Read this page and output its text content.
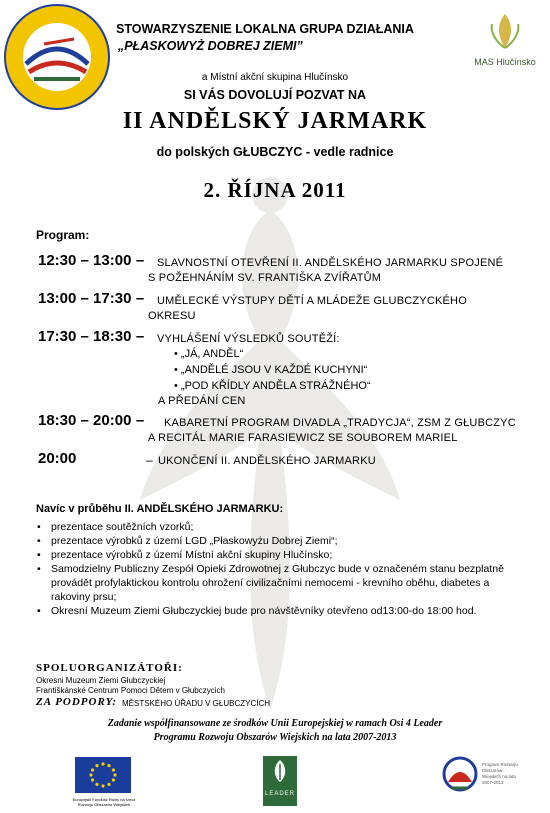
MAS Hlučínsko
STOWARZYSZENIE LOKALNA GRUPA DZIAŁANIA
„PŁASKOWYŻ DOBREJ ZIEMI”
a Místní akční skupina Hlučínsko
SI VÁS DOVOLUJÍ POZVAT NA
II ANDĚLSKÝ JARMARK
do polských GŁUBCZYC - vedle radnice
2. ŘÍJNA 2011
Program:
12:30 – 13:00 – SLAVNOSTNÍ OTEVŘENÍ II. ANDĚLSKÉHO JARMARKU SPOJENÉ
S POŽEHNÁNÍM SV. FRANTIŠKA ZVÍŘATŮM
13:00 – 17:30 – UMĚLECKÉ VÝSTUPY DĚTÍ A MLÁDEŽE GLUBCZYCKÉHO
OKRESU
17:30 – 18:30 – VYHLÁŠENÍ VÝSLEDKŮ SOUTĚŽÍ:
• „JÁ, ANDĚL“
• „ANDĚLÉ JSOU V KAŽDÉ KUCHYNI“
• „POD KŘÍDLY ANDĚLA STRÁŽNÉHO“
A PŘEDÁNÍ CEN
18:30 – 20:00 – KABARETNÍ PROGRAM DIVADLA „TRADYCJA“, ZSM Z GŁUBCZYC
A RECITÁL MARIE FARASIEWICZ SE SOUBOREM MARIEL
20:00	– UKONČENÍ II. ANDĚLSKÉHO JARMARKU
Navíc v průběhu II. ANDĚLSKÉHO JARMARKU:
• prezentace soutěžních vzorků;
• prezentace výrobků z území LGD „Płaskowyżu Dobrej Ziemi“;
• prezentace výrobků z území Místní akční skupiny Hlučínsko;
• Samodzielny Publiczny Zespół Opieki Zdrowotnej z Głubczyc bude v označeném stanu bezplatně provádět profylaktickou kontrolu ohrožení civilizačními nemocemi - krevního oběhu, diabetes a rakoviny prsu;
• Okresní Muzeum Ziemi Głubczyckiej bude pro návštěvníky otevřeno od13:00-do 18:00 hod.
SPOLUORGANIZÁTOŘI:
Okresni Muzeum Ziemi Głubczyckiej
Františkánské Centrum Pomoci Dětem v Głubczycich
ZA PODPORY: MĚSTSKÉHO ÚŘADU V GŁUBCZYCÍCH
Zadanie współfinansowane ze środków Unii Europejskiej w ramach Osi 4 Leader
Programu Rozwoju Obszarów Wiejskich na lata 2007-2013
Europejski Fundusz Rolny na rzecz Rozwoju Obszarów Wiejskich
LEADER
Program Rozwoju Obszarów Wiejskich na lata 2007-2013
